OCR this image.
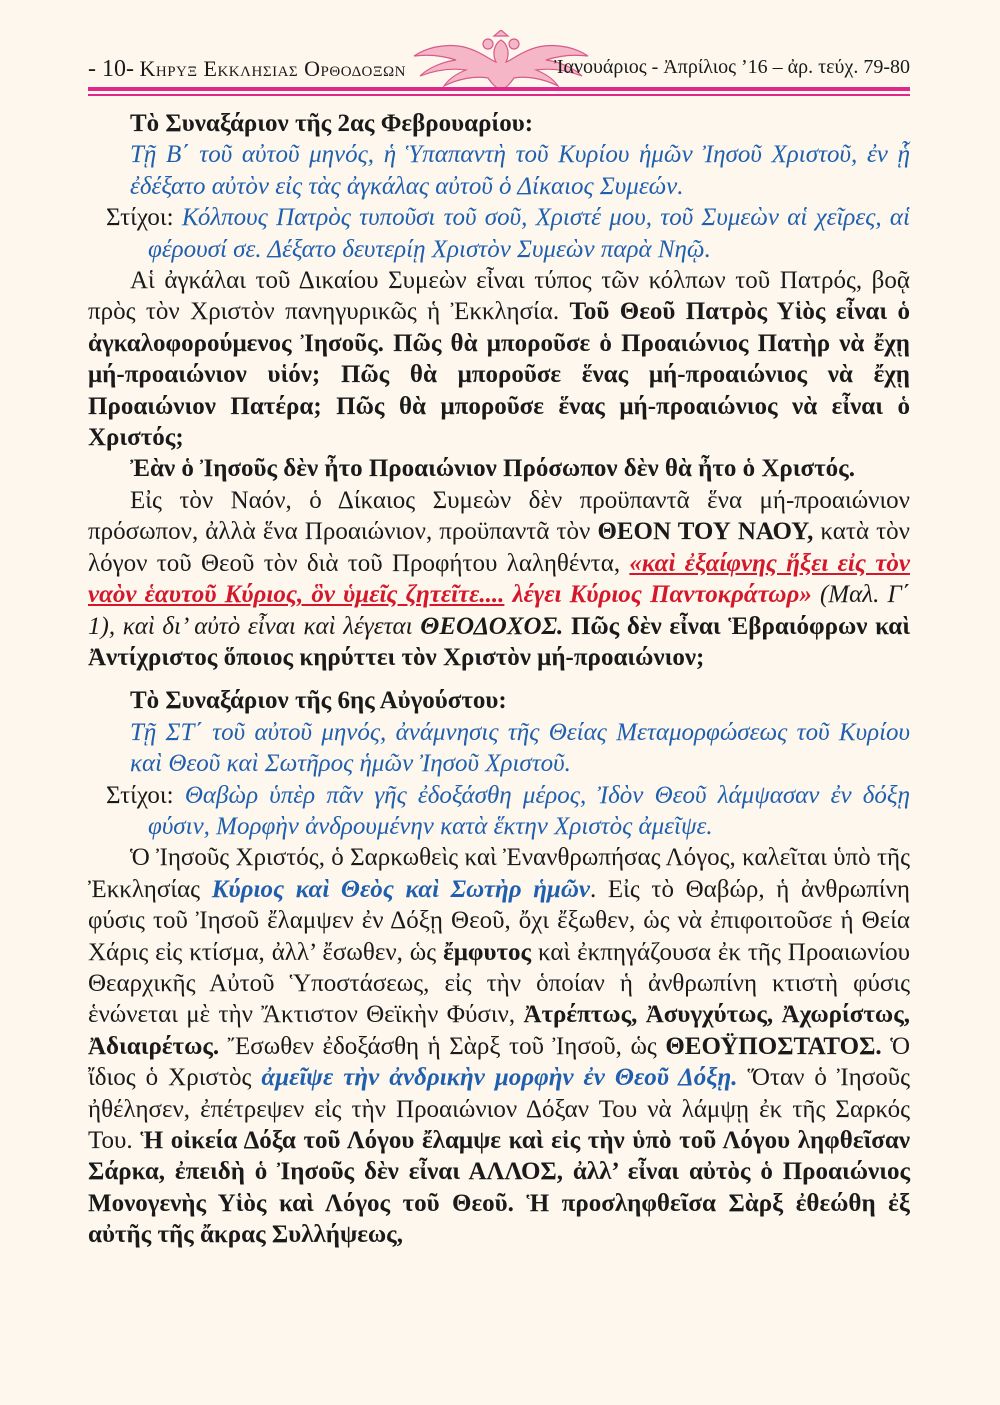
- 10- Κηρυξ Εκκλησιας Ορθοδοξων	Ἰανουάριος - Ἀπρίλιος ’16 – ἀρ. τεύχ. 79-80

Τὸ Συναξάριον τῆς 2ας Φεβρουαρίου:

Τῇ Β΄ τοῦ αὐτοῦ μηνός, ἡ Ὑπαπαντὴ τοῦ Κυρίου ἡμῶν Ἰησοῦ Χριστοῦ, ἐν ᾗ ἐδέξατο αὐτὸν εἰς τὰς ἀγκάλας αὐτοῦ ὁ Δίκαιος Συμεών.

Στίχοι: Κόλπους Πατρὸς τυποῦσι τοῦ σοῦ, Χριστέ μου, τοῦ Συμεὼν αἱ χεῖρες, αἱ φέρουσί σε. Δέξατο δευτερίῃ Χριστὸν Συμεὼν παρὰ Νηῷ.

Αἱ ἀγκάλαι τοῦ Δικαίου Συμεὼν εἶναι τύπος τῶν κόλπων τοῦ Πατρός, βοᾷ πρὸς τὸν Χριστὸν πανηγυρικῶς ἡ Ἐκκλησία. Τοῦ Θεοῦ Πατρὸς Υἱὸς εἶναι ὁ ἀγκαλοφορούμενος Ἰησοῦς. Πῶς θὰ μποροῦσε ὁ Προαιώνιος Πατὴρ νὰ ἔχῃ μή-προαιώνιον υἱόν; Πῶς θὰ μποροῦσε ἕνας μή-προαιώνιος νὰ ἔχῃ Προαιώνιον Πατέρα; Πῶς θὰ μποροῦσε ἕνας μή-προαιώνιος νὰ εἶναι ὁ Χριστός;

Ἐὰν ὁ Ἰησοῦς δὲν ἦτο Προαιώνιον Πρόσωπον δὲν θὰ ἦτο ὁ Χριστός.

Εἰς τὸν Ναόν, ὁ Δίκαιος Συμεὼν δὲν προϋπαντᾶ ἕνα μή-προαιώνιον πρόσωπον, ἀλλὰ ἕνα Προαιώνιον, προϋπαντᾶ τὸν ΘΕΟΝ ΤΟΥ ΝΑΟΥ, κατὰ τὸν λόγον τοῦ Θεοῦ τὸν διὰ τοῦ Προφήτου λαληθέντα, «καὶ ἐξαίφνης ἥξει εἰς τὸν ναὸν ἑαυτοῦ Κύριος, ὃν ὑμεῖς ζητεῖτε.... λέγει Κύριος Παντοκράτωρ» (Μαλ. Γ΄ 1), καὶ δι’ αὐτὸ εἶναι καὶ λέγεται ΘΕΟΔΟΧΟΣ. Πῶς δὲν εἶναι Ἑβραιόφρων καὶ Ἀντίχριστος ὅποιος κηρύττει τὸν Χριστὸν μή-προαιώνιον;

Τὸ Συναξάριον τῆς 6ης Αὐγούστου:

Τῇ ΣΤ΄ τοῦ αὐτοῦ μηνός, ἀνάμνησις τῆς Θείας Μεταμορφώσεως τοῦ Κυρίου καὶ Θεοῦ καὶ Σωτῆρος ἡμῶν Ἰησοῦ Χριστοῦ.

Στίχοι: Θαβὼρ ὑπὲρ πᾶν γῆς ἐδοξάσθη μέρος, Ἰδὸν Θεοῦ λάμψασαν ἐν δόξῃ φύσιν, Μορφὴν ἀνδρουμένην κατὰ ἕκτην Χριστὸς ἀμεῖψε.

Ὁ Ἰησοῦς Χριστός, ὁ Σαρκωθεὶς καὶ Ἐνανθρωπήσας Λόγος, καλεῖται ὑπὸ τῆς Ἐκκλησίας Κύριος καὶ Θεὸς καὶ Σωτὴρ ἡμῶν. Εἰς τὸ Θαβώρ, ἡ ἀνθρωπίνη φύσις τοῦ Ἰησοῦ ἔλαμψεν ἐν Δόξῃ Θεοῦ, ὄχι ἔξωθεν, ὡς νὰ ἐπιφοιτοῦσε ἡ Θεία Χάρις εἰς κτίσμα, ἀλλ’ ἔσωθεν, ὡς ἔμφυτος καὶ ἐκπηγάζουσα ἐκ τῆς Προαιωνίου Θεαρχικῆς Αὐτοῦ Ὑποστάσεως, εἰς τὴν ὁποίαν ἡ ἀνθρωπίνη κτιστὴ φύσις ἑνώνεται μὲ τὴν Ἄκτιστον Θεϊκὴν Φύσιν, Ἀτρέπτως, Ἀσυγχύτως, Ἀχωρίστως, Ἀδιαιρέτως. Ἔσωθεν ἐδοξάσθη ἡ Σὰρξ τοῦ Ἰησοῦ, ὡς ΘΕΟΫΠΟΣΤΑΤΟΣ. Ὁ ἴδιος ὁ Χριστὸς ἀμεῖψε τὴν ἀνδρικὴν μορφὴν ἐν Θεοῦ Δόξῃ. Ὅταν ὁ Ἰησοῦς ἠθέλησεν, ἐπέτρεψεν εἰς τὴν Προαιώνιον Δόξαν Του νὰ λάμψῃ ἐκ τῆς Σαρκός Του. Ἡ οἰκεία Δόξα τοῦ Λόγου ἔλαμψε καὶ εἰς τὴν ὑπὸ τοῦ Λόγου ληφθεῖσαν Σάρκα, ἐπειδὴ ὁ Ἰησοῦς δὲν εἶναι ΑΛΛΟΣ, ἀλλ’ εἶναι αὐτὸς ὁ Προαιώνιος Μονογενὴς Υἱὸς καὶ Λόγος τοῦ Θεοῦ. Ἡ προσληφθεῖσα Σὰρξ ἐθεώθη ἐξ αὐτῆς τῆς ἄκρας Συλλήψεως,
